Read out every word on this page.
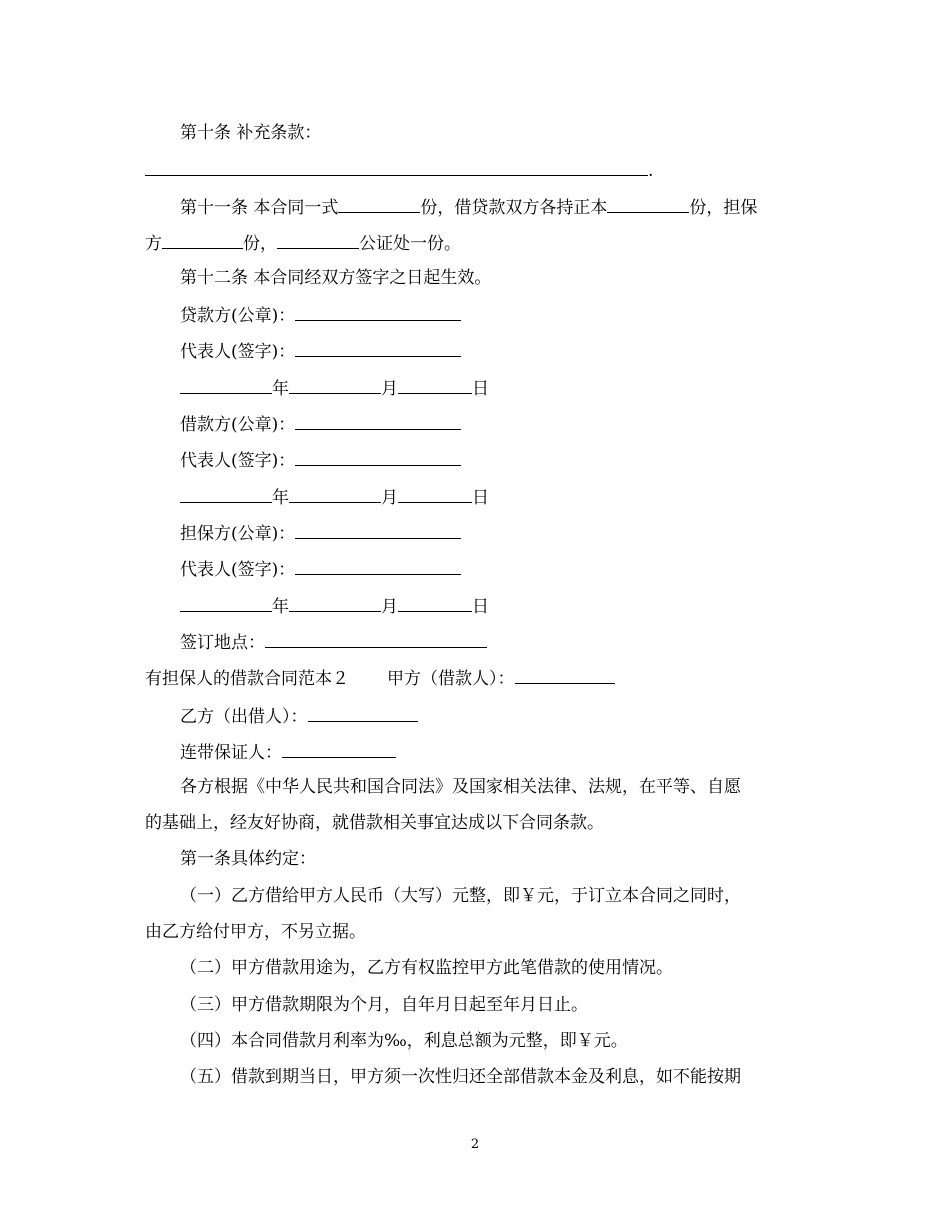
第十条 补充条款：
.
第十一条 本合同一式	份，借贷款双方各持正本	份，担保
方	份，	公证处一份。
第十二条 本合同经双方签字之日起生效。
贷款方(公章)：
代表人(签字)：
年	月	日
借款方(公章)：
代表人(签字)：
年	月	日
担保方(公章)：
代表人(签字)：
年	月	日
签订地点：
有担保人的借款合同范本２ 甲方（借款人）：
乙方（出借人）：
连带保证人：
各方根据《中华人民共和国合同法》及国家相关法律、法规，在平等、自愿
的基础上，经友好协商，就借款相关事宜达成以下合同条款。
第一条具体约定：
（一）乙方借给甲方人民币（大写）元整，即￥元，于订立本合同之同时，
由乙方给付甲方，不另立据。
（二）甲方借款用途为，乙方有权监控甲方此笔借款的使用情况。
（三）甲方借款期限为个月，自年月日起至年月日止。
（四）本合同借款月利率为‰，利息总额为元整，即￥元。
（五）借款到期当日，甲方须一次性归还全部借款本金及利息，如不能按期
2
